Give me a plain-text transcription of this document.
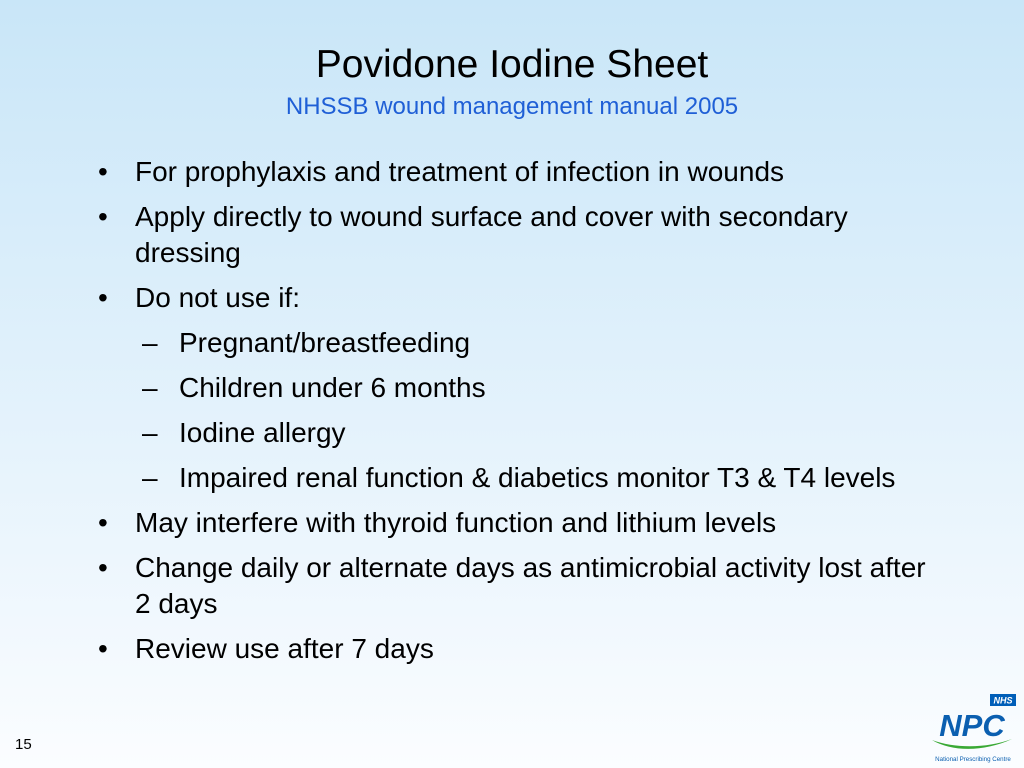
Povidone Iodine Sheet
NHSSB wound management manual 2005
• For prophylaxis and treatment of infection in wounds
• Apply directly to wound surface and cover with secondary dressing
• Do not use if:
– Pregnant/breastfeeding
– Children under 6 months
– Iodine allergy
– Impaired renal function & diabetics monitor T3 & T4 levels
• May interfere with thyroid function and lithium levels
• Change daily or alternate days as antimicrobial activity lost after 2 days
• Review use after 7 days
15
NHS
NPC
National Prescribing Centre
